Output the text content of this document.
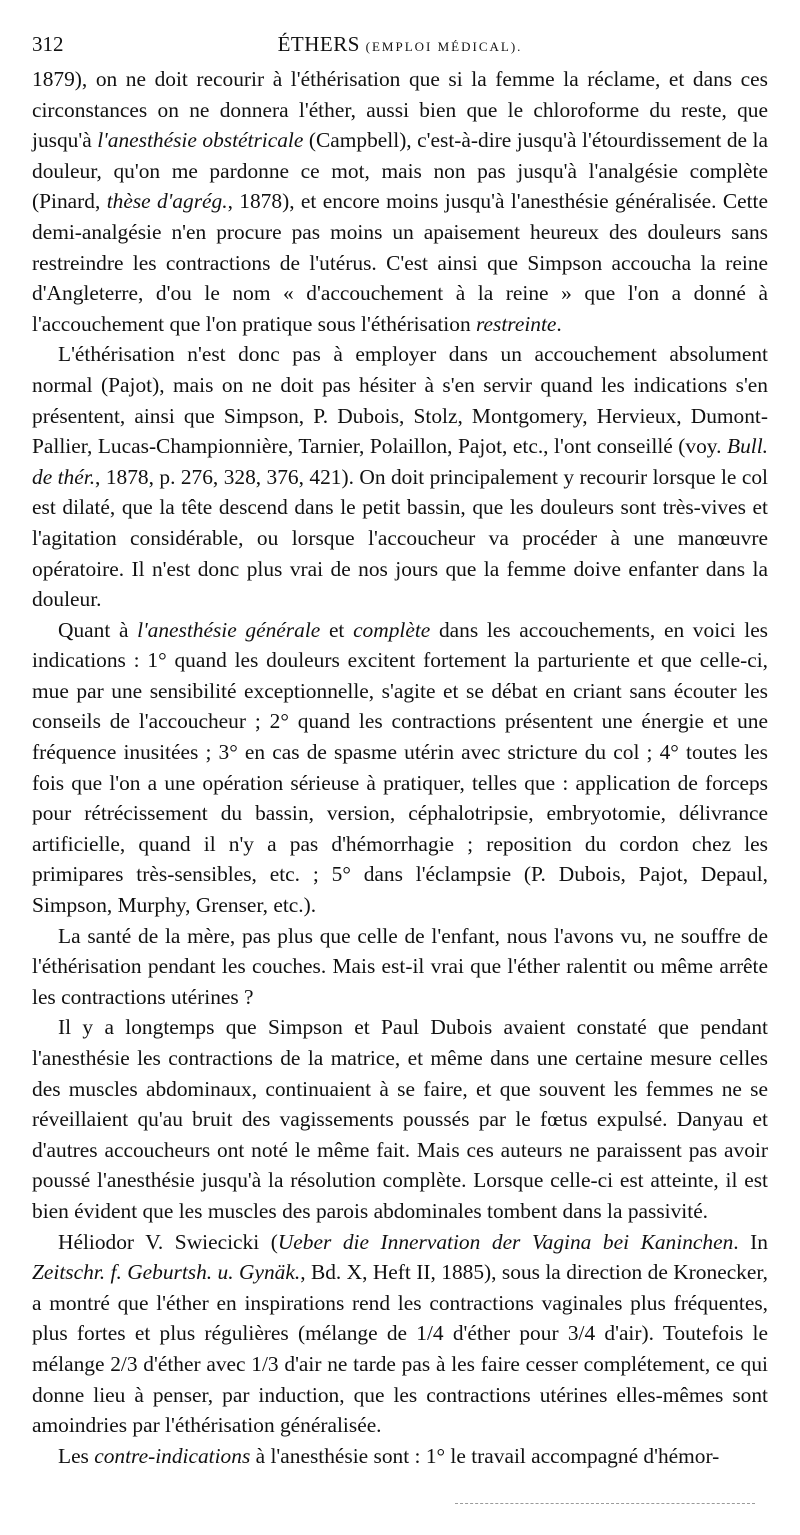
312	ÉTHERS (EMPLOI MÉDICAL).

1879), on ne doit recourir à l'éthérisation que si la femme la réclame, et dans ces circonstances on ne donnera l'éther, aussi bien que le chloroforme du reste, que jusqu'à l'anesthésie obstétricale (Campbell), c'est-à-dire jusqu'à l'étourdissement de la douleur, qu'on me pardonne ce mot, mais non pas jusqu'à l'analgésie complète (Pinard, thèse d'agrég., 1878), et encore moins jusqu'à l'anesthésie généralisée. Cette demi-analgésie n'en procure pas moins un apaisement heureux des douleurs sans restreindre les contractions de l'utérus. C'est ainsi que Simpson accoucha la reine d'Angleterre, d'ou le nom « d'accouchement à la reine » que l'on a donné à l'accouchement que l'on pratique sous l'éthérisation restreinte.

L'éthérisation n'est donc pas à employer dans un accouchement absolument normal (Pajot), mais on ne doit pas hésiter à s'en servir quand les indications s'en présentent, ainsi que Simpson, P. Dubois, Stolz, Montgomery, Hervieux, Dumont-Pallier, Lucas-Championnière, Tarnier, Polaillon, Pajot, etc., l'ont conseillé (voy. Bull. de thér., 1878, p. 276, 328, 376, 421). On doit principalement y recourir lorsque le col est dilaté, que la tête descend dans le petit bassin, que les douleurs sont très-vives et l'agitation considérable, ou lorsque l'accoucheur va procéder à une manœuvre opératoire. Il n'est donc plus vrai de nos jours que la femme doive enfanter dans la douleur.

Quant à l'anesthésie générale et complète dans les accouchements, en voici les indications : 1° quand les douleurs excitent fortement la parturiente et que celle-ci, mue par une sensibilité exceptionnelle, s'agite et se débat en criant sans écouter les conseils de l'accoucheur ; 2° quand les contractions présentent une énergie et une fréquence inusitées ; 3° en cas de spasme utérin avec stricture du col ; 4° toutes les fois que l'on a une opération sérieuse à pratiquer, telles que : application de forceps pour rétrécissement du bassin, version, céphalotripsie, embryotomie, délivrance artificielle, quand il n'y a pas d'hémorrhagie ; reposition du cordon chez les primipares très-sensibles, etc. ; 5° dans l'éclampsie (P. Dubois, Pajot, Depaul, Simpson, Murphy, Grenser, etc.).

La santé de la mère, pas plus que celle de l'enfant, nous l'avons vu, ne souffre de l'éthérisation pendant les couches. Mais est-il vrai que l'éther ralentit ou même arrête les contractions utérines ?

Il y a longtemps que Simpson et Paul Dubois avaient constaté que pendant l'anesthésie les contractions de la matrice, et même dans une certaine mesure celles des muscles abdominaux, continuaient à se faire, et que souvent les femmes ne se réveillaient qu'au bruit des vagissements poussés par le fœtus expulsé. Danyau et d'autres accoucheurs ont noté le même fait. Mais ces auteurs ne paraissent pas avoir poussé l'anesthésie jusqu'à la résolution complète. Lorsque celle-ci est atteinte, il est bien évident que les muscles des parois abdominales tombent dans la passivité.

Héliodor V. Swiecicki (Ueber die Innervation der Vagina bei Kaninchen. In Zeitschr. f. Geburtsh. u. Gynäk., Bd. X, Heft II, 1885), sous la direction de Kronecker, a montré que l'éther en inspirations rend les contractions vaginales plus fréquentes, plus fortes et plus régulières (mélange de 1/4 d'éther pour 3/4 d'air). Toutefois le mélange 2/3 d'éther avec 1/3 d'air ne tarde pas à les faire cesser complétement, ce qui donne lieu à penser, par induction, que les contractions utérines elles-mêmes sont amoindries par l'éthérisation généralisée.

Les contre-indications à l'anesthésie sont : 1° le travail accompagné d'hémor-
